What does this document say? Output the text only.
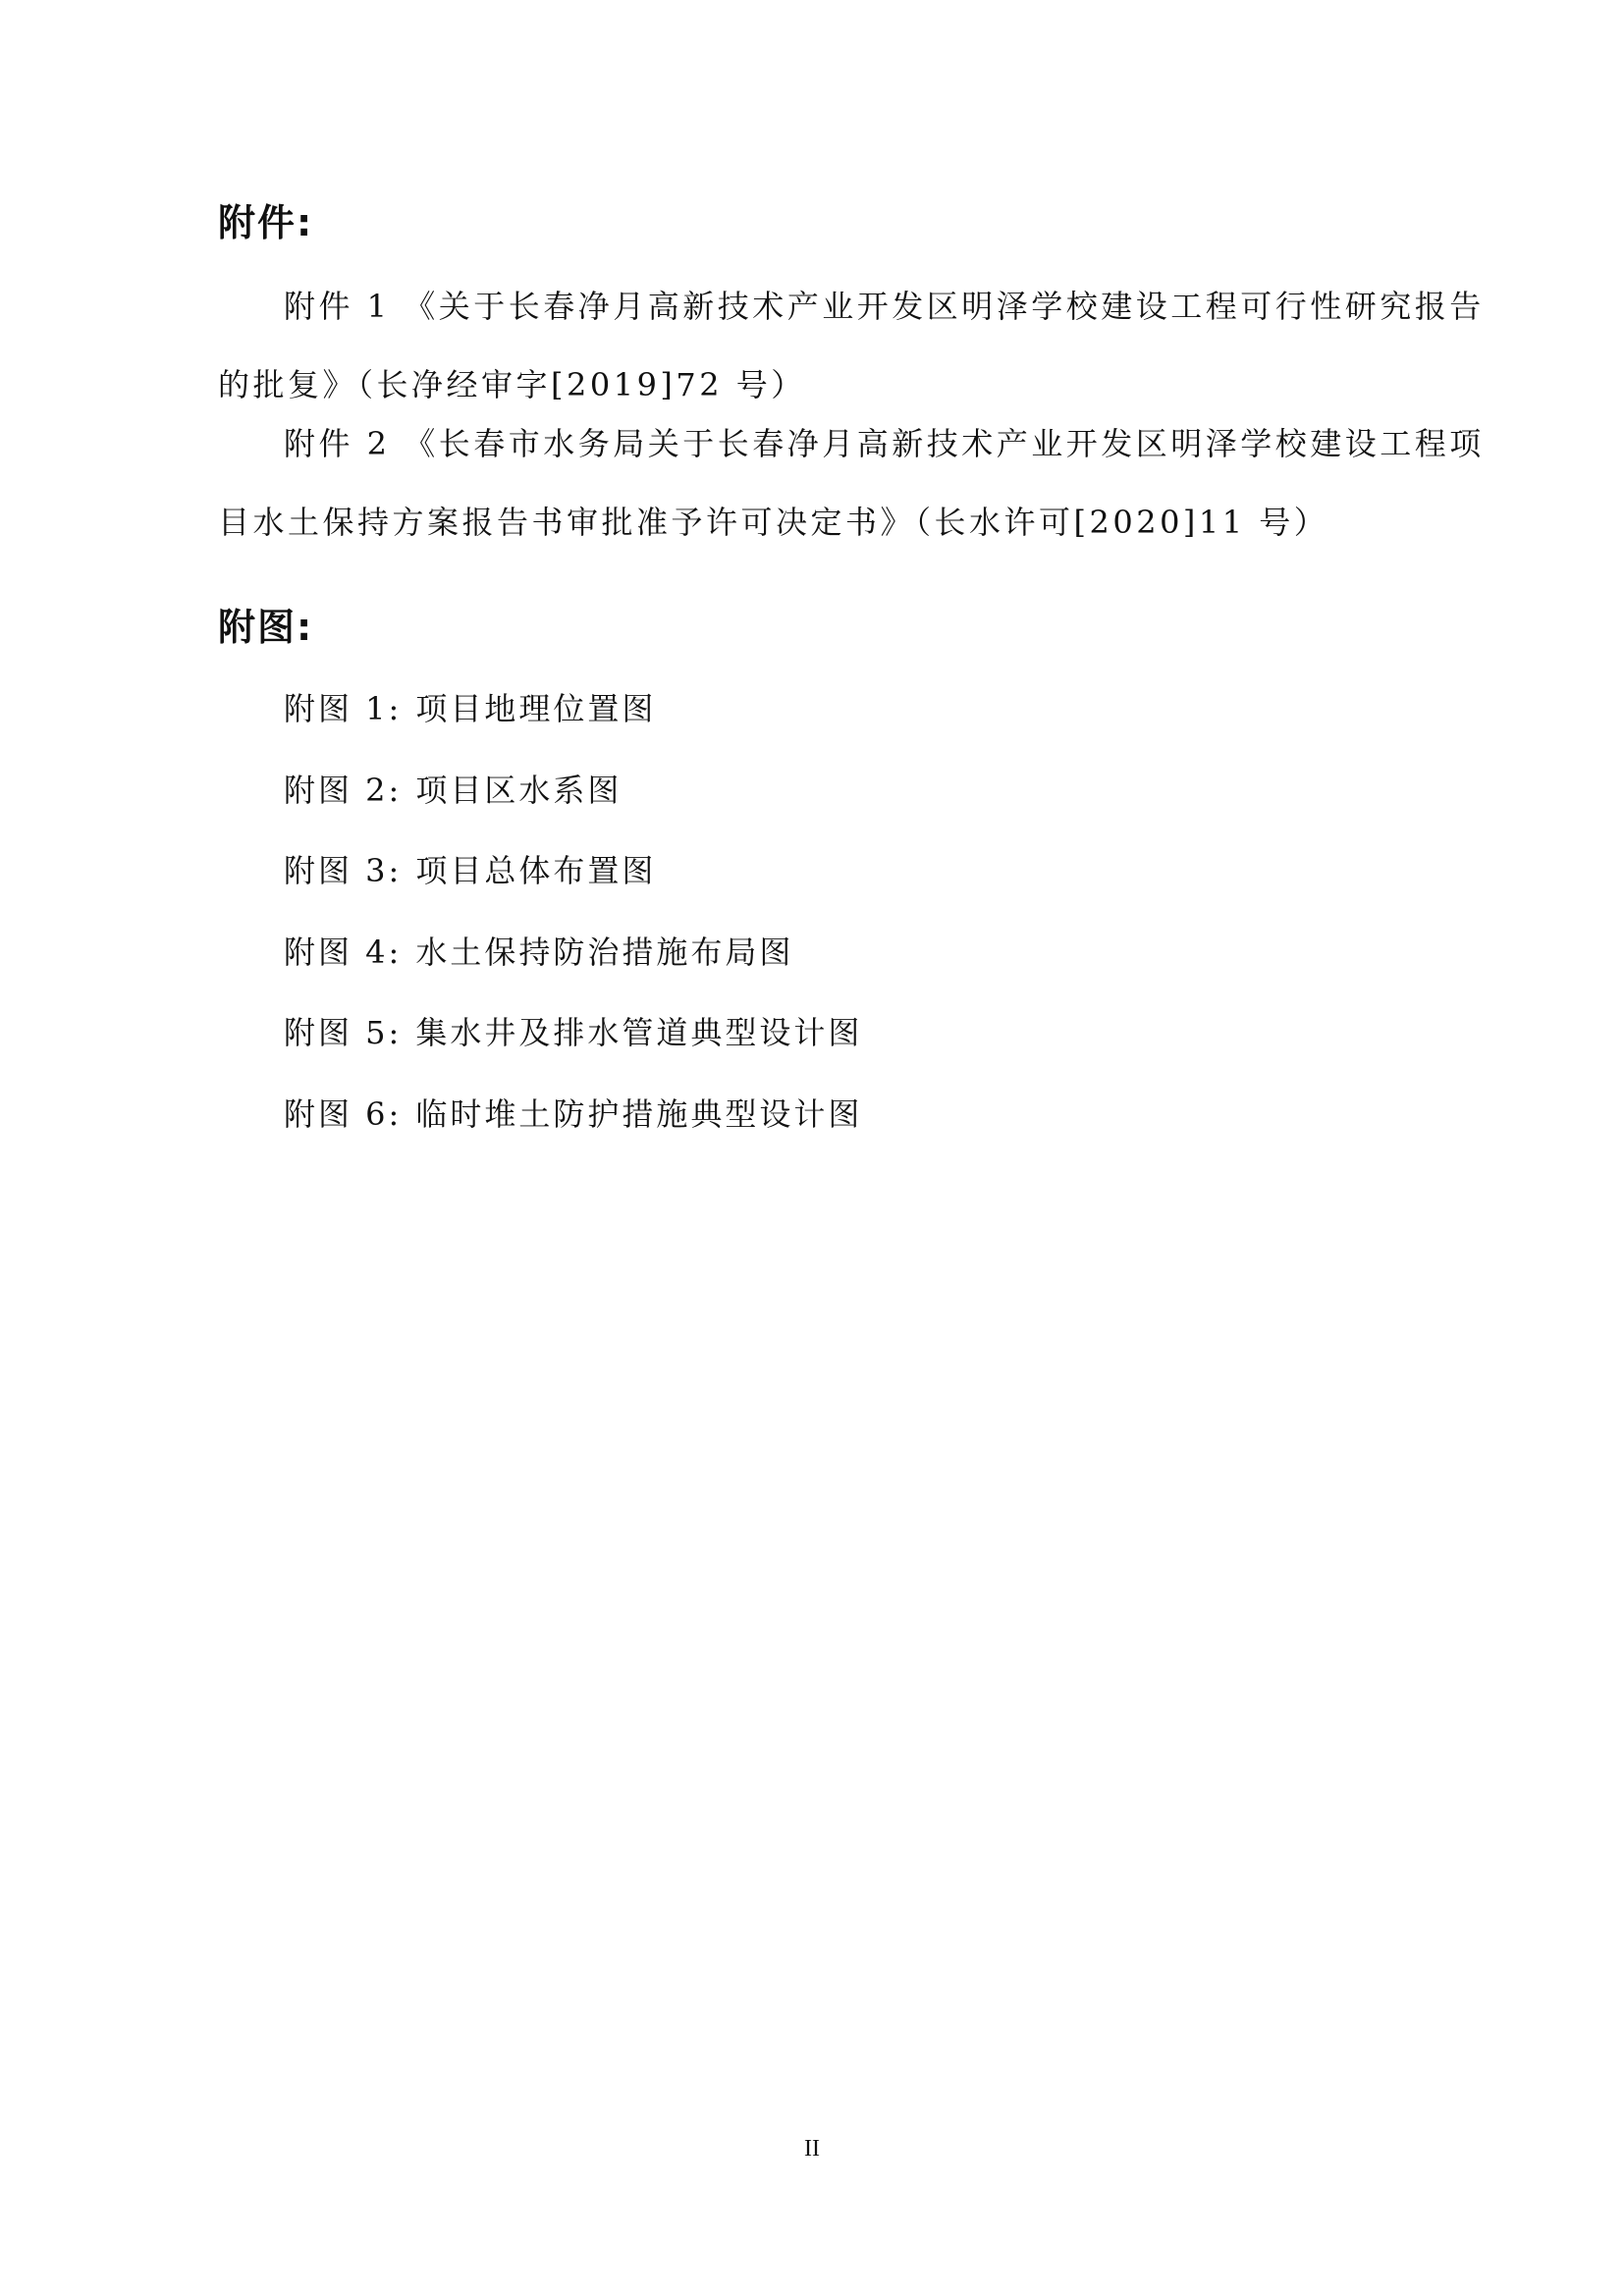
附件:
附件 1 《关于长春净月高新技术产业开发区明泽学校建设工程可行性研究报告
的批复》（长净经审字[2019]72 号）
附件 2 《长春市水务局关于长春净月高新技术产业开发区明泽学校建设工程项
目水土保持方案报告书审批准予许可决定书》（长水许可[2020]11 号）
附图:
附图 1: 项目地理位置图
附图 2: 项目区水系图
附图 3: 项目总体布置图
附图 4: 水土保持防治措施布局图
附图 5: 集水井及排水管道典型设计图
附图 6: 临时堆土防护措施典型设计图
II
